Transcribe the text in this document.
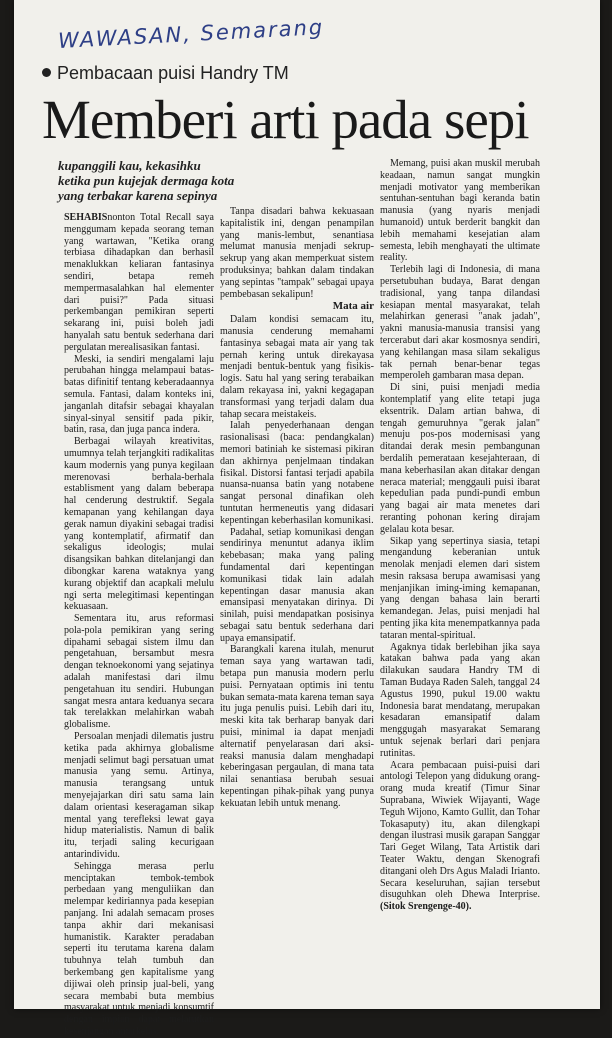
WAWASAN, Semarang
Pembacaan puisi Handry TM
Memberi arti pada sepi
kupanggili kau, kekasihku
ketika pun kujejak dermaga kota
yang terbakar karena sepinya

SEHABISnonton Total Recall saya menggumam kepada seorang teman yang wartawan, "Ketika orang terbiasa dihadapkan dan berhasil menaklukkan keliaran fantasinya sendiri, betapa remeh mempermasalahkan hal elementer dari puisi?" Pada situasi perkembangan pemikiran seperti sekarang ini, puisi boleh jadi hanyalah satu bentuk sederhana dari pergulatan merealisasikan fantasi.

Meski, ia sendiri mengalami laju perubahan hingga melampaui batas-batas difinitif tentang keberadaannya semula. Fantasi, dalam konteks ini, janganlah ditafsir sebagai khayalan sinyal-sinyal sensitif pada pikir, batin, rasa, dan juga panca indera.

Berbagai wilayah kreativitas, umumnya telah terjangkiti radikalitas kaum modernis yang punya kegilaan merenovasi berhala-berhala establisment yang dalam beberapa hal cenderung destruktif. Segala kemapanan yang kehilangan daya gerak namun diyakini sebagai tradisi yang kontemplatif, afirmatif dan sekaligus ideologis; mulai disangsikan bahkan ditelanjangi dan dibongkar karena wataknya yang kurang objektif dan acapkali melulu ngi serta melegitimasi kepentingan kekuasaan.

Sementara itu, arus reformasi pola-pola pemikiran yang sering dipahami sebagai sistem ilmu dan pengetahuan, bersambut mesra dengan teknoekonomi yang sejatinya adalah manifestasi dari ilmu pengetahuan itu sendiri. Hubungan sangat mesra antara keduanya secara tak terelakkan melahirkan wabah globalisme.

Persoalan menjadi dilematis justru ketika pada akhirnya globalisme menjadi selimut bagi persatuan umat manusia yang semu. Artinya, manusia terangsang untuk menyejajarkan diri satu sama lain dalam orientasi keseragaman sikap mental yang terefleksi lewat gaya hidup materialistis. Namun di balik itu, terjadi saling kecurigaan antarindividu.

Sehingga merasa perlu menciptakan tembok-tembok perbedaan yang menguliikan dan melempar kediriannya pada kesepian panjang. Ini adalah semacam proses tanpa akhir dari mekanisasi humanistik. Karakter peradaban seperti itu terutama karena dalam tubuhnya telah tumbuh dan berkembang gen kapitalisme yang dijiwai oleh prinsip jual-beli, yang secara membabi buta membius masyarakat untuk menjadi konsumtif dengan impian dapat melarutkan kesenjangan antarkelas.

Tanpa disadari bahwa kekuasaan kapitalistik ini, dengan penampilan yang manis-lembut, senantiasa melumat manusia menjadi sekrup-sekrup yang akan memperkuat sistem produksinya; bahkan dalam tindakan yang sepintas "tampak" sebagai upaya pembebasan sekalipun!

Mata air

Dalam kondisi semacam itu, manusia cenderung memahami fantasinya sebagai mata air yang tak pernah kering untuk direkayasa menjadi bentuk-bentuk yang fisikis-logis. Satu hal yang sering terabaikan dalam rekayasa ini, yakni kegagapan transformasi yang terjadi dalam dua tahap secara meistakeis.

Ialah penyederhanaan dengan rasionalisasi (baca: pendangkalan) memori batiniah ke sistemasi pikiran dan akhirnya penjelmaan tindakan fisikal. Distorsi fantasi terjadi apabila nuansa-nuansa batin yang notabene sangat personal dinafikan oleh tuntutan hermeneutis yang didasari kepentingan keberhasilan komunikasi.

Padahal, setiap komunikasi dengan sendirinya menuntut adanya iklim kebebasan; maka yang paling fundamental dari kepentingan komunikasi tidak lain adalah kepentingan dasar manusia akan emansipasi menyatakan dirinya. Di sinilah, puisi mendapatkan posisinya sebagai satu bentuk sederhana dari upaya emansipatif.

Barangkali karena itulah, menurut teman saya yang wartawan tadi, betapa pun manusia modern perlu puisi. Pernyataan optimis ini tentu bukan semata-mata karena teman saya itu juga penulis puisi. Lebih dari itu, meski kita tak berharap banyak dari puisi, minimal ia dapat menjadi alternatif penyelarasan dari aksi-reaksi manusia dalam menghadapi keberingasan pergaulan, di mana tata nilai senantiasa berubah sesuai kepentingan pihak-pihak yang punya kekuatan lebih untuk menang.

Memang, puisi akan muskil merubah keadaan, namun sangat mungkin menjadi motivator yang memberikan sentuhan-sentuhan bagi keranda batin manusia (yang nyaris menjadi humanoid) untuk berderit bangkit dan lebih memahami kesejatian alam semesta, lebih menghayati the ultimate reality.

Terlebih lagi di Indonesia, di mana persetubuhan budaya, Barat dengan tradisional, yang tanpa dilandasi kesiapan mental masyarakat, telah melahirkan generasi "anak jadah", yakni manusia-manusia transisi yang tercerabut dari akar kosmosnya sendiri, yang kehilangan masa silam sekaligus tak pernah benar-benar tegas memperoleh gambaran masa depan.

Di sini, puisi menjadi media kontemplatif yang elite tetapi juga eksentrik. Dalam artian bahwa, di tengah gemuruhnya "gerak jalan" menuju pos-pos modernisasi yang ditandai derak mesin pembangunan berdalih pemerataan kesejahteraan, di mana keberhasilan akan ditakar dengan neraca material; menggauli puisi ibarat kepedulian pada pundi-pundi embun yang bagai air mata menetes dari reranting pohonan kering dirajam gelalau kota besar.

Sikap yang sepertinya siasia, tetapi mengandung keberanian untuk menolak menjadi elemen dari sistem mesin raksasa berupa awamisasi yang menjanjikan iming-iming kemapanan, yang dengan bahasa lain berarti kemandegan. Jelas, puisi menjadi hal penting jika kita menempatkannya pada tataran mental-spiritual.

Agaknya tidak berlebihan jika saya katakan bahwa pada yang akan dilakukan saudara Handry TM di Taman Budaya Raden Saleh, tanggal 24 Agustus 1990, pukul 19.00 waktu Indonesia barat mendatang, merupakan kesadaran emansipatif dalam menggugah masyarakat Semarang untuk sejenak berlari dari penjara rutinitas.

Acara pembacaan puisi-puisi dari antologi Telepon yang didukung orang-orang muda kreatif (Timur Sinar Suprabana, Wiwiek Wijayanti, Wage Teguh Wijono, Kamto Gullit, dan Tohar Tokasaputy) itu, akan dilengkapi dengan ilustrasi musik garapan Sanggar Tari Geget Wilang, Tata Artistik dari Teater Waktu, dengan Skenografi ditangani oleh Drs Agus Maladi Irianto. Secara keseluruhan, sajian tersebut disuguhkan oleh Dhewa Interprise. (Sitok Srengenge-40).
